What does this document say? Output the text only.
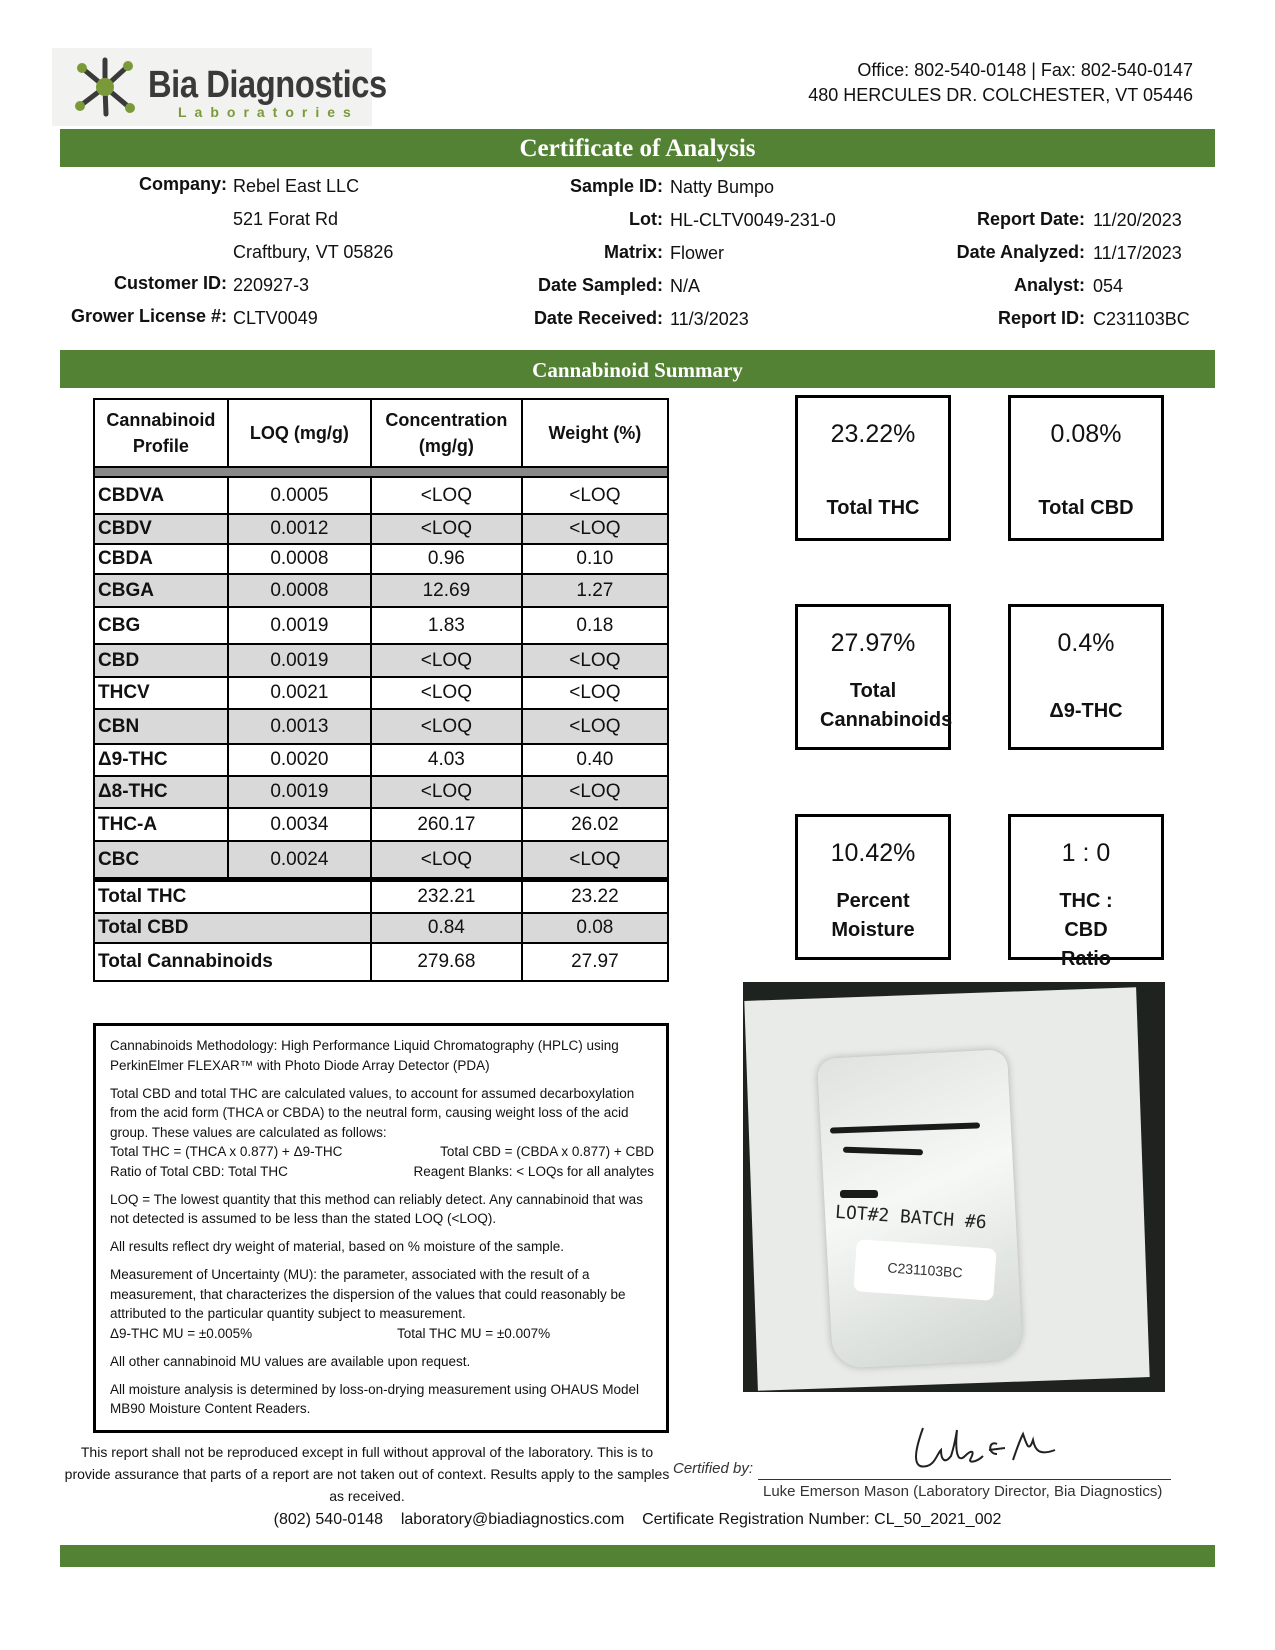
Bia Diagnostics
Laboratories
Office: 802-540-0148 | Fax: 802-540-0147
480 HERCULES DR. COLCHESTER, VT 05446
Certificate of Analysis
Company: Rebel East LLC
521 Forat Rd
Craftbury, VT 05826
Customer ID: 220927-3
Grower License #: CLTV0049
Sample ID: Natty Bumpo
Lot: HL-CLTV0049-231-0
Matrix: Flower
Date Sampled: N/A
Date Received: 11/3/2023
Report Date: 11/20/2023
Date Analyzed: 11/17/2023
Analyst: 054
Report ID: C231103BC
Cannabinoid Summary
Cannabinoid Profile	LOQ (mg/g)	Concentration (mg/g)	Weight (%)

CBDVA	0.0005	<LOQ	<LOQ
CBDV	0.0012	<LOQ	<LOQ
CBDA	0.0008	0.96	0.10
CBGA	0.0008	12.69	1.27
CBG	0.0019	1.83	0.18
CBD	0.0019	<LOQ	<LOQ
THCV	0.0021	<LOQ	<LOQ
CBN	0.0013	<LOQ	<LOQ
Δ9-THC	0.0020	4.03	0.40
Δ8-THC	0.0019	<LOQ	<LOQ
THC-A	0.0034	260.17	26.02
CBC	0.0024	<LOQ	<LOQ
Total THC		232.21	23.22
Total CBD		0.84	0.08
Total Cannabinoids		279.68	27.97
23.22%
Total THC
0.08%
Total CBD
27.97%
Total Cannabinoids
0.4%
Δ9-THC
10.42%
Percent Moisture
1 : 0
THC : CBD Ratio

Cannabinoids Methodology: High Performance Liquid Chromatography (HPLC) using PerkinElmer FLEXAR™ with Photo Diode Array Detector (PDA)

Total CBD and total THC are calculated values, to account for assumed decarboxylation from the acid form (THCA or CBDA) to the neutral form, causing weight loss of the acid group. These values are calculated as follows:

Total THC = (THCA x 0.877) + Δ9-THC	Total CBD = (CBDA x 0.877) + CBD
Ratio of Total CBD: Total THC	Reagent Blanks: < LOQs for all analytes

LOQ = The lowest quantity that this method can reliably detect. Any cannabinoid that was not detected is assumed to be less than the stated LOQ (<LOQ).

All results reflect dry weight of material, based on % moisture of the sample.

Measurement of Uncertainty (MU): the parameter, associated with the result of a measurement, that characterizes the dispersion of the values that could reasonably be attributed to the particular quantity subject to measurement.

Δ9-THC MU = ±0.005%	Total THC MU = ±0.007%

All other cannabinoid MU values are available upon request.

All moisture analysis is determined by loss-on-drying measurement using OHAUS Model MB90 Moisture Content Readers.

LOT#2 BATCH #6
C231103BC
This report shall not be reproduced except in full without approval of the laboratory. This is to provide assurance that parts of a report are not taken out of context. Results apply to the samples as received.
Certified by:
Luke Emerson Mason (Laboratory Director, Bia Diagnostics)
(802) 540-0148 laboratory@biadiagnostics.com Certificate Registration Number: CL_50_2021_002
